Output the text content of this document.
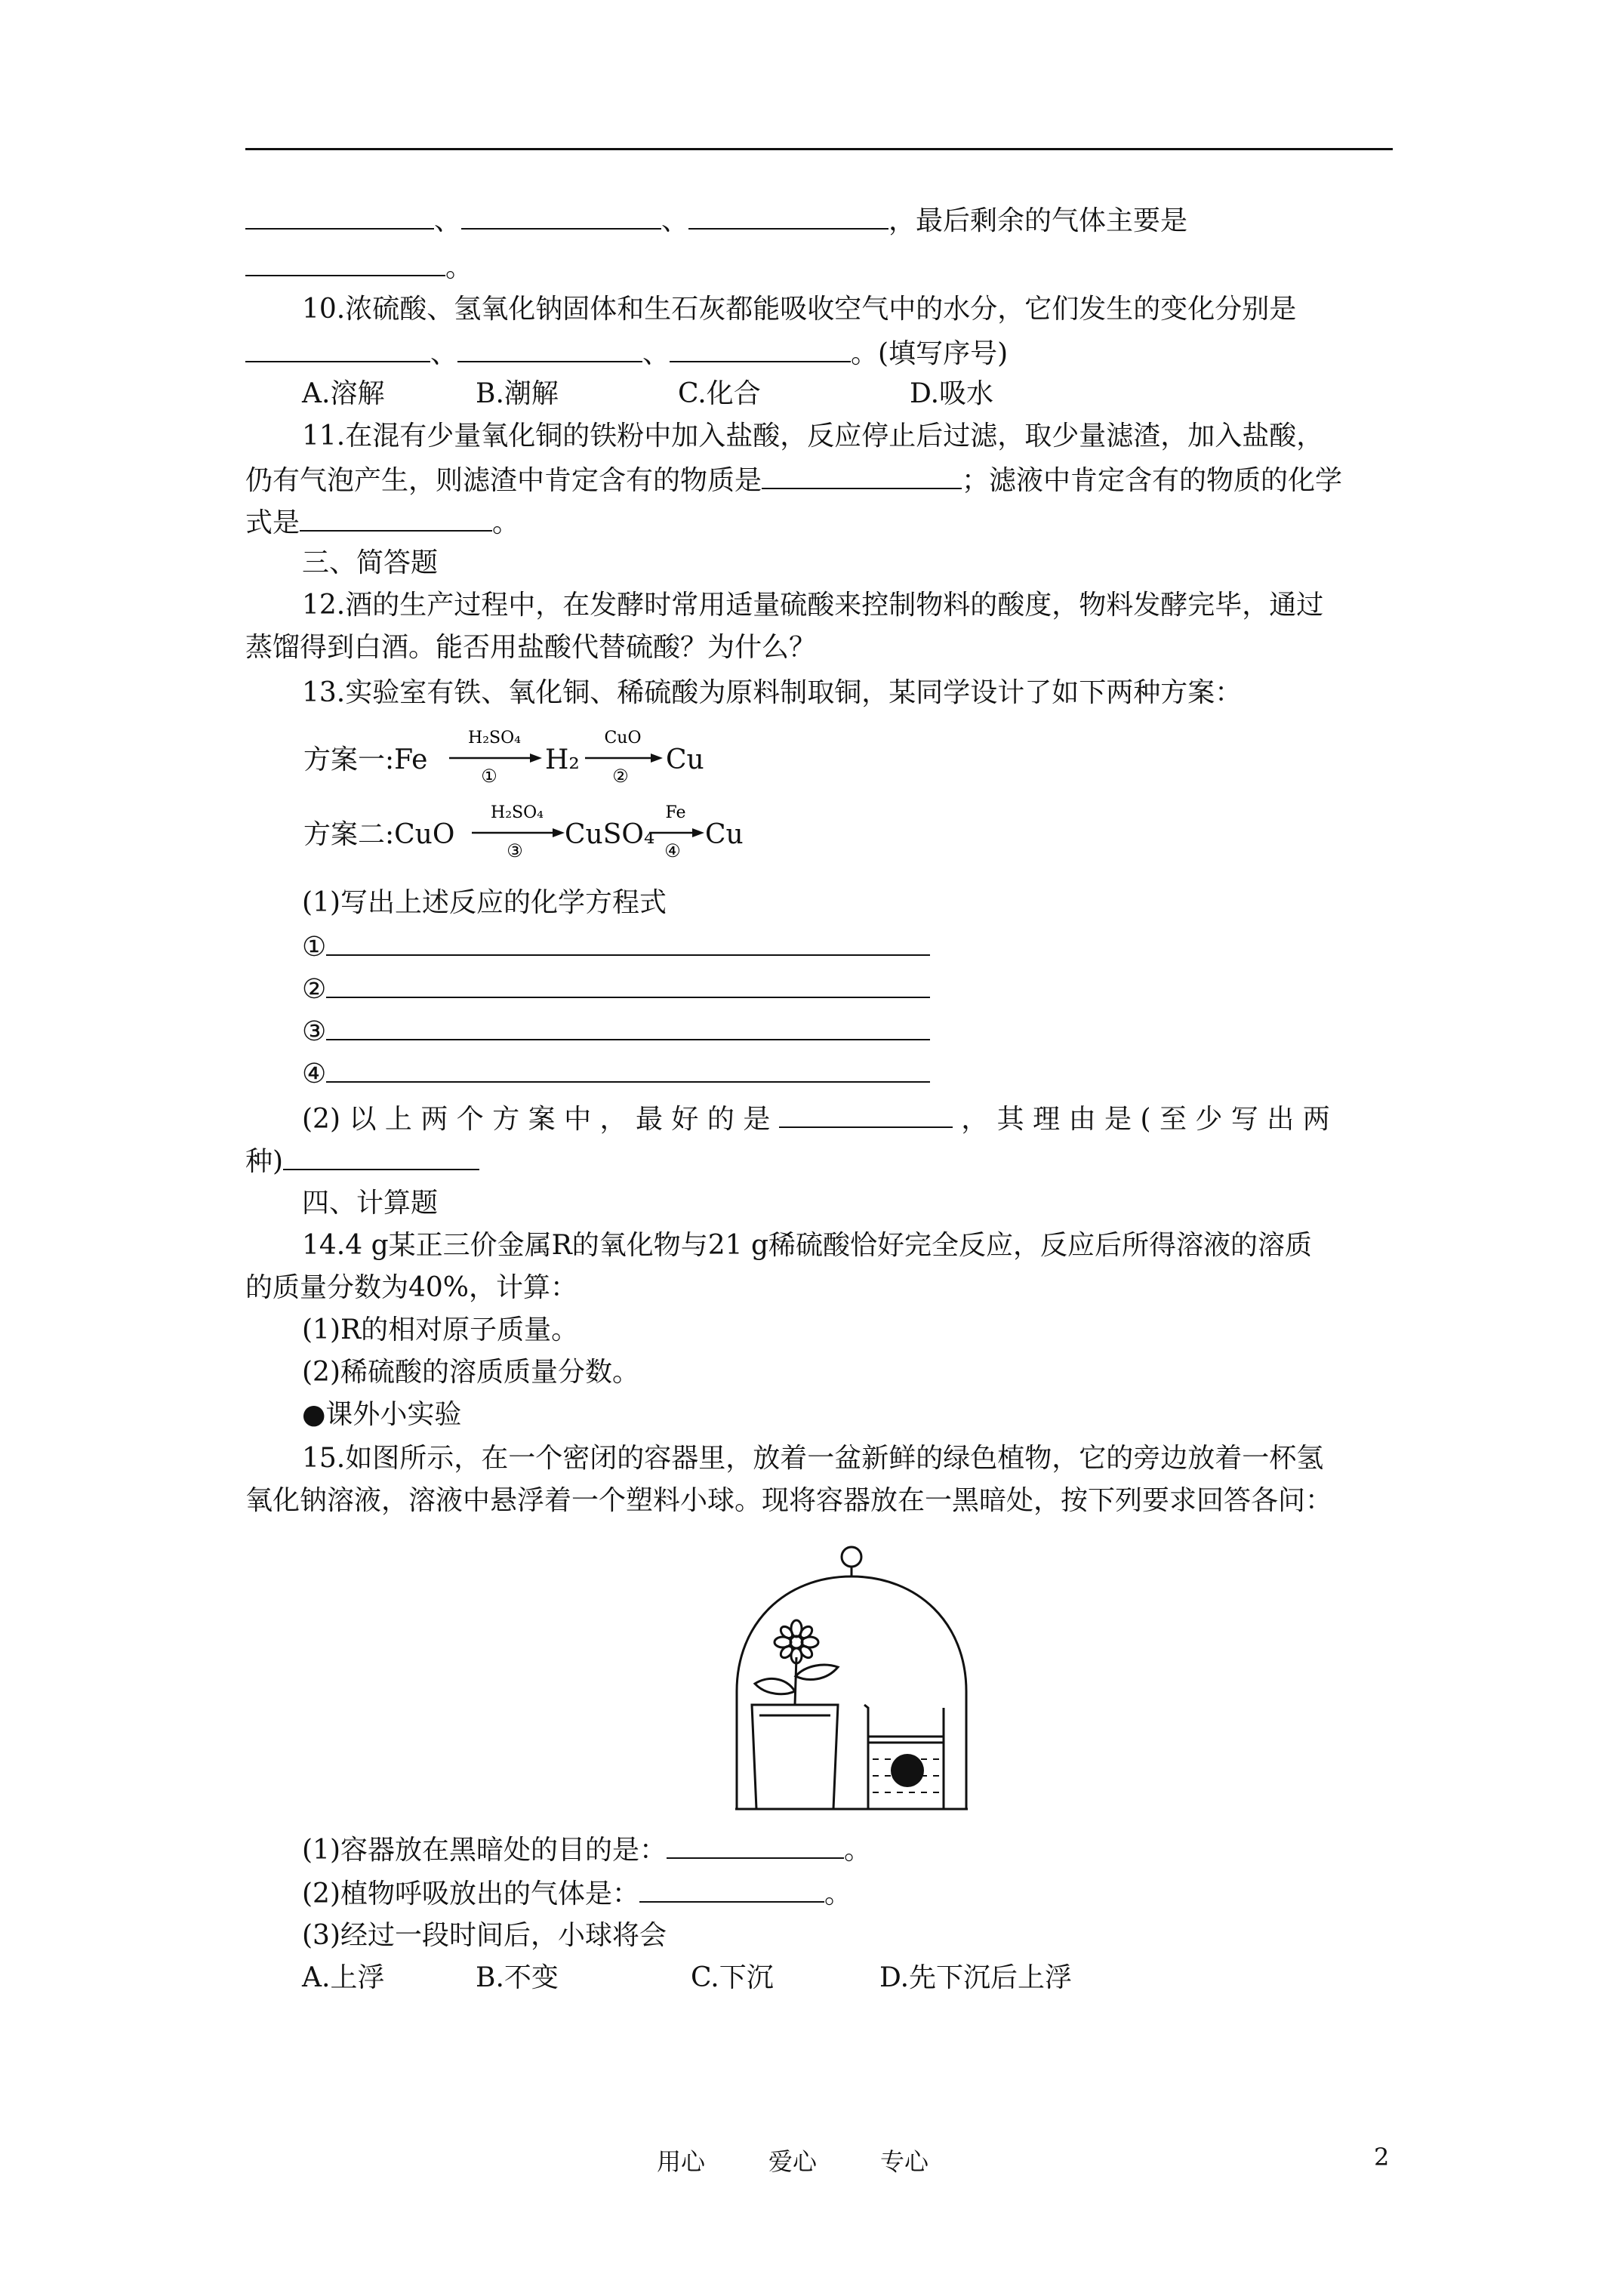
、	、	，最后剩余的气体主要是
。
10.浓硫酸、氢氧化钠固体和生石灰都能吸收空气中的水分，它们发生的变化分别是
、	、	。(填写序号)
A.溶解	B.潮解	C.化合	D.吸水
11.在混有少量氧化铜的铁粉中加入盐酸，反应停止后过滤，取少量滤渣，加入盐酸，
仍有气泡产生，则滤渣中肯定含有的物质是	；滤液中肯定含有的物质的化学
式是	。
三、简答题
12.酒的生产过程中，在发酵时常用适量硫酸来控制物料的酸度，物料发酵完毕，通过
蒸馏得到白酒。能否用盐酸代替硫酸？为什么？
13.实验室有铁、氧化铜、稀硫酸为原料制取铜，某同学设计了如下两种方案：
方案一:Fe
H₂SO₄
①
H₂
CuO
②
Cu
方案二:CuO
H₂SO₄
③
CuSO₄
Fe
④
Cu
(1)写出上述反应的化学方程式
①
②
③
④
(2) 以 上 两 个 方 案 中 ， 最 好 的 是	， 其 理 由 是 ( 至 少 写 出 两
种)
四、计算题
14.4 g某正三价金属R的氧化物与21 g稀硫酸恰好完全反应，反应后所得溶液的溶质
的质量分数为40%，计算：
(1)R的相对原子质量。
(2)稀硫酸的溶质质量分数。
●课外小实验
15.如图所示，在一个密闭的容器里，放着一盆新鲜的绿色植物，它的旁边放着一杯氢
氧化钠溶液，溶液中悬浮着一个塑料小球。现将容器放在一黑暗处，按下列要求回答各问：
(1)容器放在黑暗处的目的是：	。
(2)植物呼吸放出的气体是：	。
(3)经过一段时间后，小球将会
A.上浮	B.不变	C.下沉	D.先下沉后上浮
用心	爱心	专心	2
